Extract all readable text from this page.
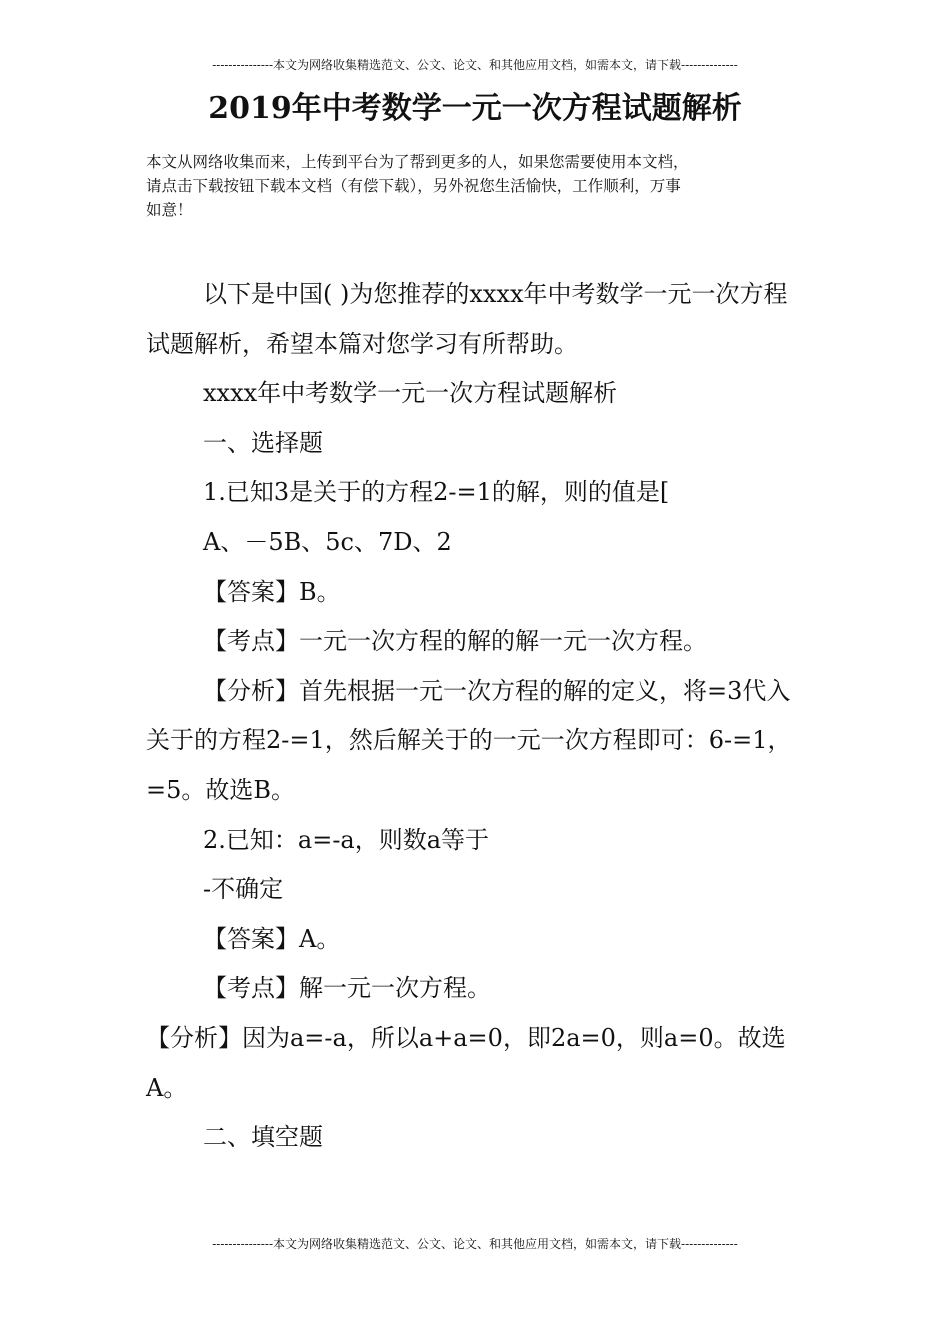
---------------本文为网络收集精选范文、公文、论文、和其他应用文档，如需本文，请下载--------------
2019年中考数学一元一次方程试题解析

本文从网络收集而来，上传到平台为了帮到更多的人，如果您需要使用本文档，

请点击下载按钮下载本文档（有偿下载），另外祝您生活愉快，工作顺利，万事

如意！

以下是中国( )为您推荐的xxxx年中考数学一元一次方程试题解析，希望本篇对您学习有所帮助。

xxxx年中考数学一元一次方程试题解析

一、选择题

1.已知3是关于的方程2-=1的解，则的值是[

A、－5B、5c、7D、2

【答案】B。

【考点】一元一次方程的解的解一元一次方程。

【分析】首先根据一元一次方程的解的定义，将=3代入关于的方程2-=1，然后解关于的一元一次方程即可：6-=1，=5。故选B。

2.已知：a=-a，则数a等于

-不确定

【答案】A。

【考点】解一元一次方程。

【分析】因为a=-a，所以a+a=0，即2a=0，则a=0。故选A。

二、填空题

---------------本文为网络收集精选范文、公文、论文、和其他应用文档，如需本文，请下载--------------
